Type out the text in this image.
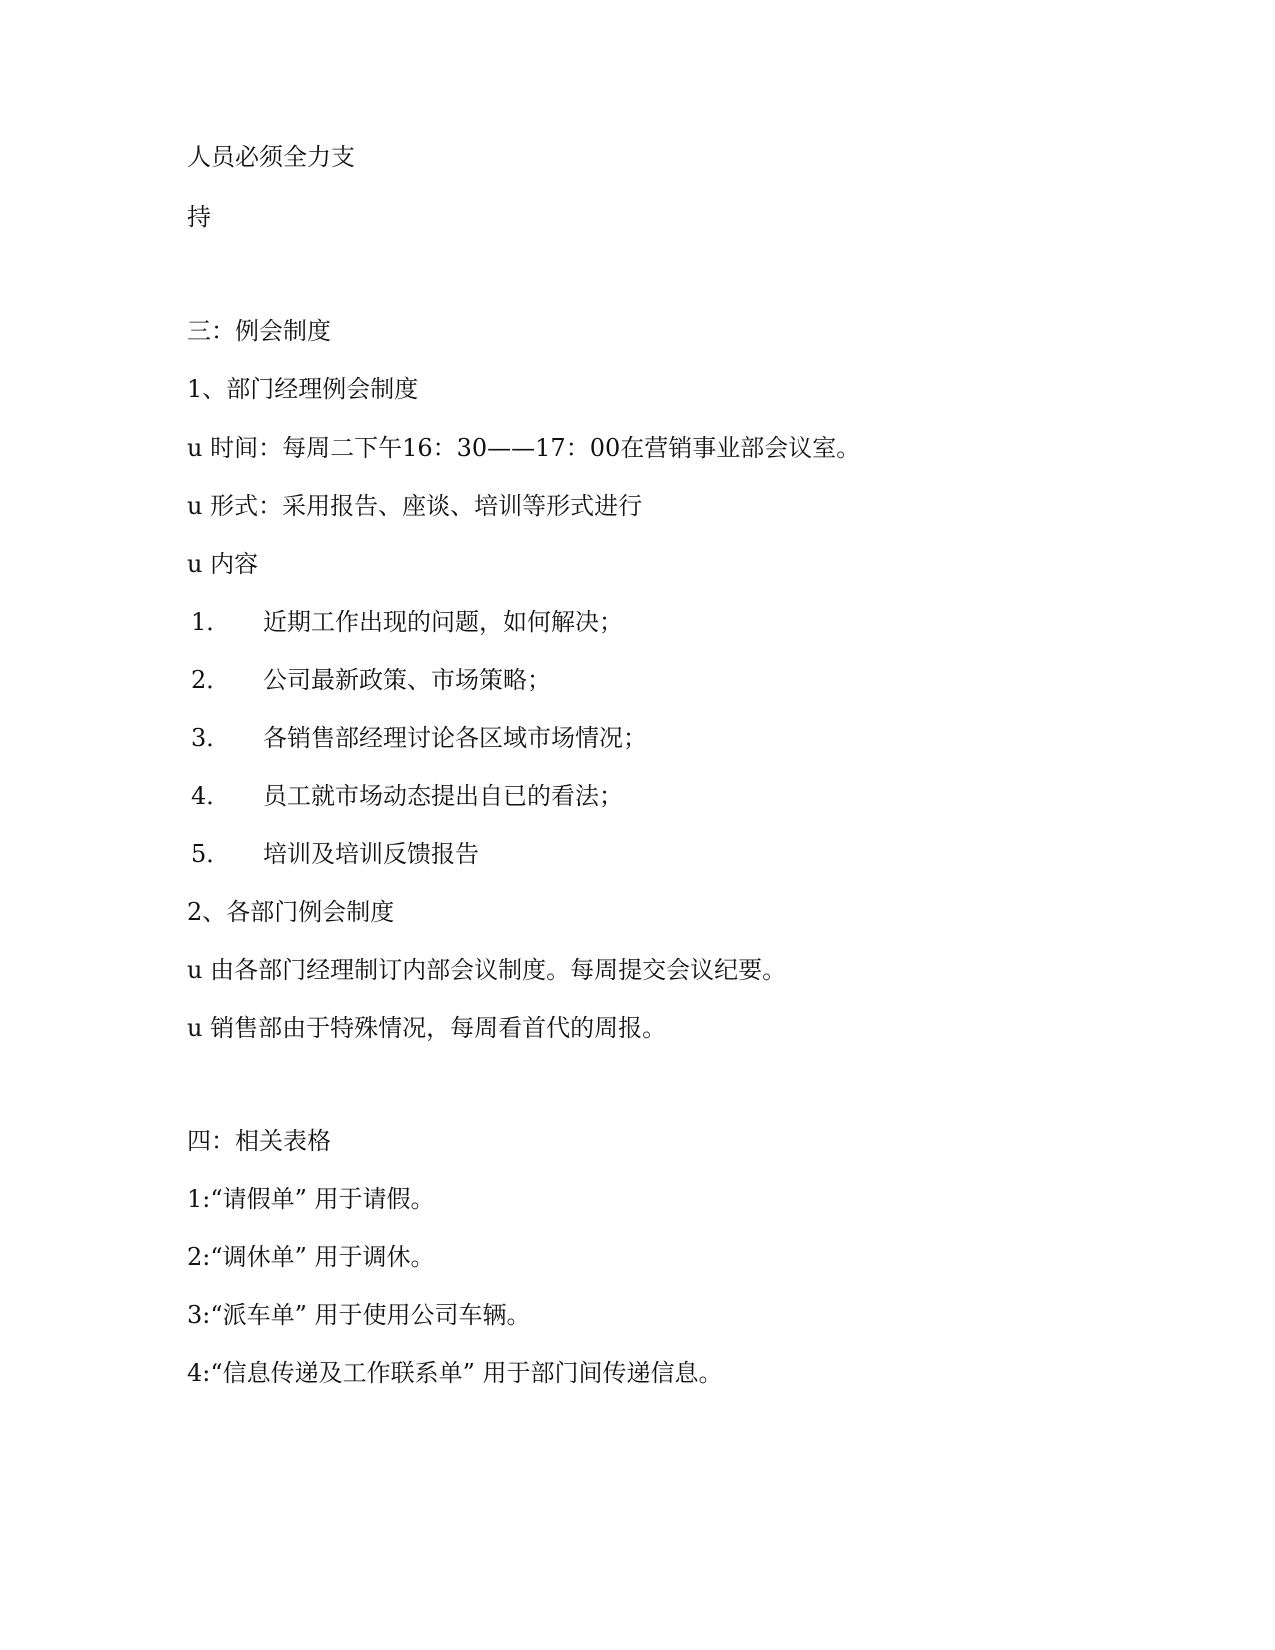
人员必须全力支
持
三：例会制度
1、部门经理例会制度
u 时间：每周二下午16：30——17：00在营销事业部会议室。
u 形式：采用报告、座谈、培训等形式进行
u 内容
1． 近期工作出现的问题，如何解决；
2． 公司最新政策、市场策略；
3． 各销售部经理讨论各区域市场情况；
4． 员工就市场动态提出自已的看法；
5． 培训及培训反馈报告
2、各部门例会制度
u 由各部门经理制订内部会议制度。每周提交会议纪要。
u 销售部由于特殊情况，每周看首代的周报。
四：相关表格
1:“请假单” 用于请假。
2:“调休单” 用于调休。
3:“派车单” 用于使用公司车辆。
4:“信息传递及工作联系单” 用于部门间传递信息。
